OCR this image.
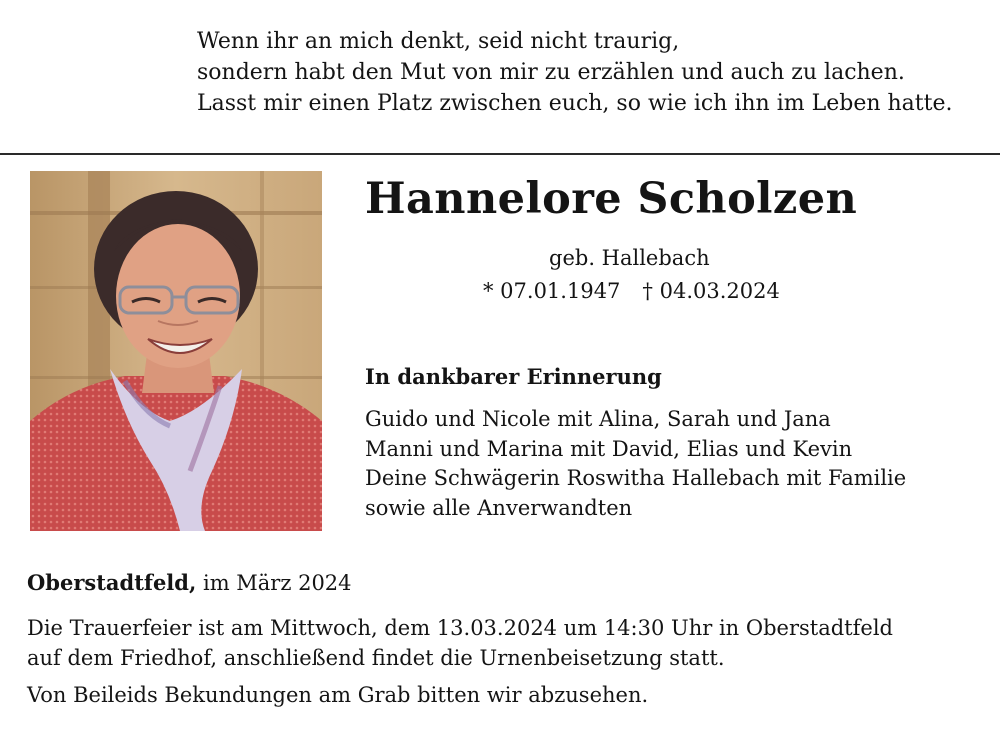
Wenn ihr an mich denkt, seid nicht traurig,
sondern habt den Mut von mir zu erzählen und auch zu lachen.
Lasst mir einen Platz zwischen euch, so wie ich ihn im Leben hatte.
Hannelore Scholzen
geb. Hallebach
* 07.01.1947 † 04.03.2024
In dankbarer Erinnerung
Guido und Nicole mit Alina, Sarah und Jana
Manni und Marina mit David, Elias und Kevin
Deine Schwägerin Roswitha Hallebach mit Familie
sowie alle Anverwandten
Oberstadtfeld, im März 2024
Die Trauerfeier ist am Mittwoch, dem 13.03.2024 um 14:30 Uhr in Oberstadtfeld
auf dem Friedhof, anschließend findet die Urnenbeisetzung statt.
Von Beileids Bekundungen am Grab bitten wir abzusehen.
